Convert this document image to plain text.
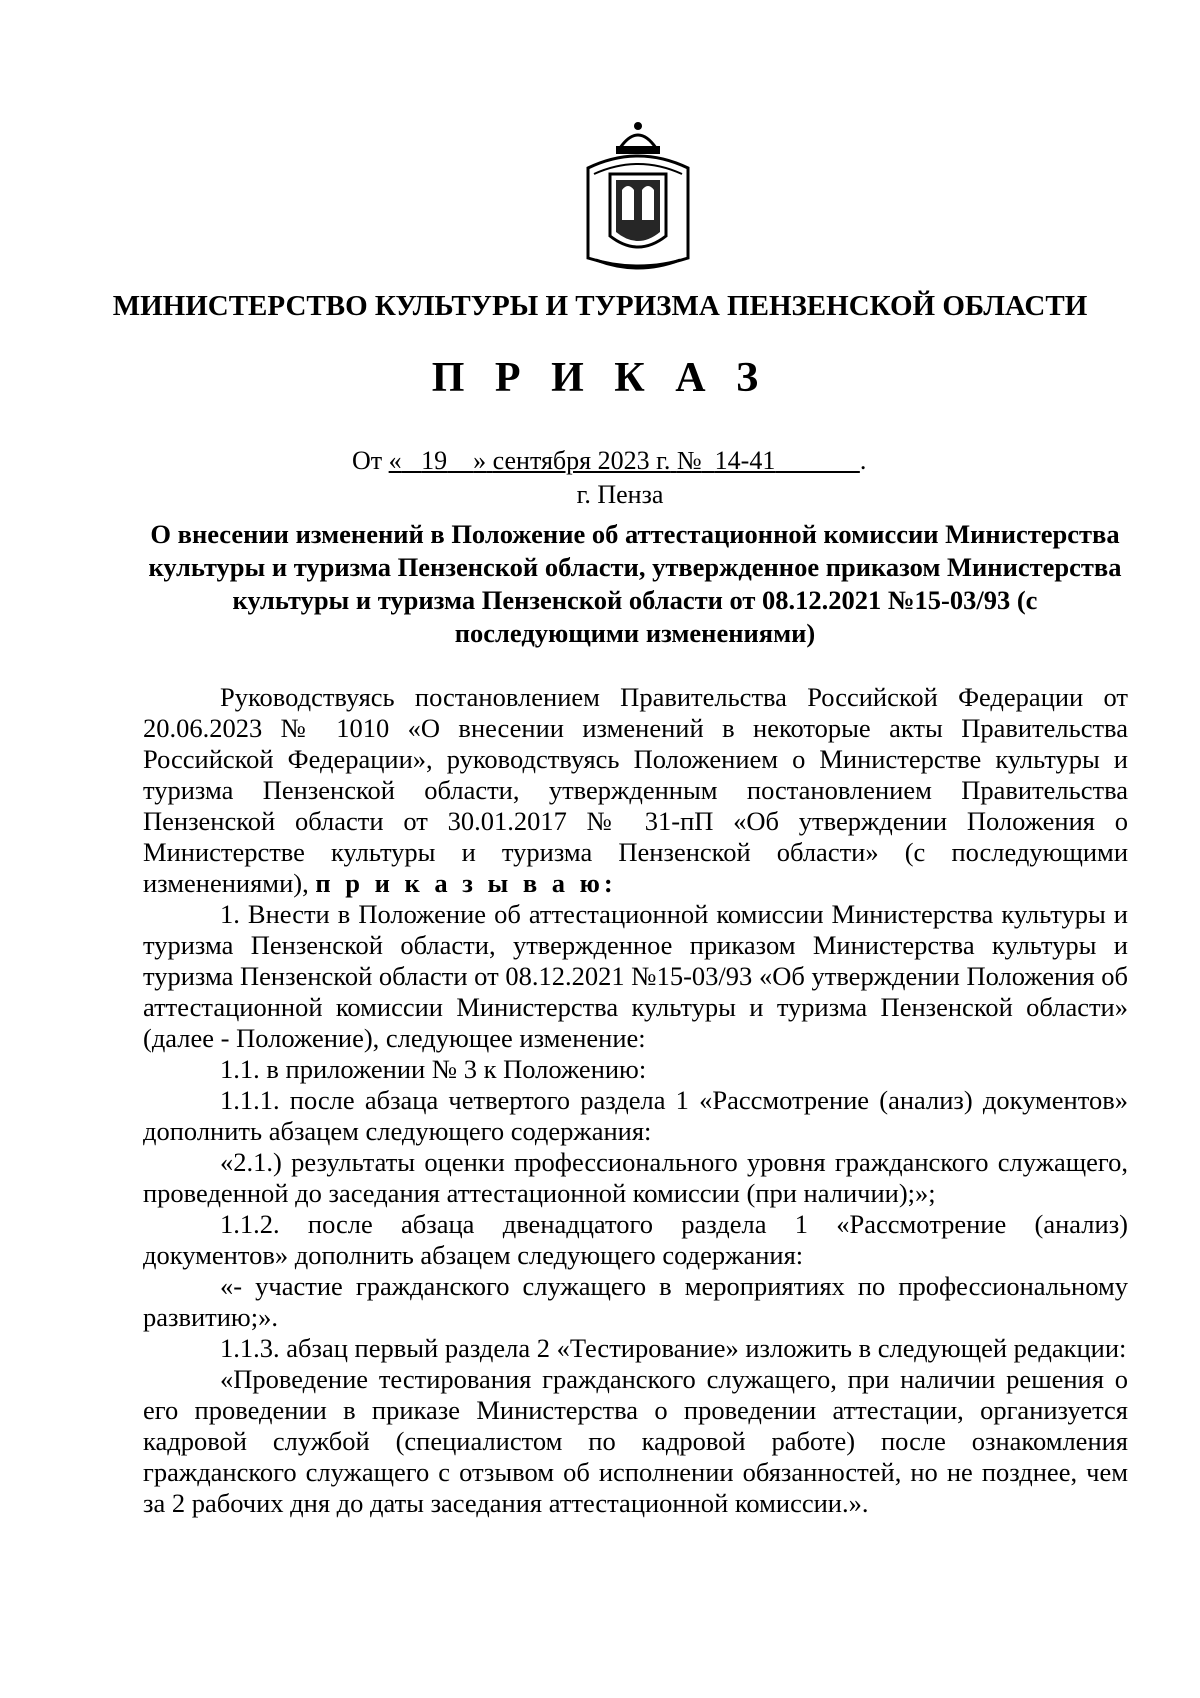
МИНИСТЕРСТВО КУЛЬТУРЫ И ТУРИЗМА ПЕНЗЕНСКОЙ ОБЛАСТИ
П Р И К А З
От « 19 » сентября 2023 г. № 14-41	.
г. Пенза
О внесении изменений в Положение об аттестационной комиссии Министерства культуры и туризма Пензенской области, утвержденное приказом Министерства культуры и туризма Пензенской области от 08.12.2021 №15-03/93 (с последующими изменениями)

Руководствуясь постановлением Правительства Российской Федерации от 20.06.2023 № 1010 «О внесении изменений в некоторые акты Правительства Российской Федерации», руководствуясь Положением о Министерстве культуры и туризма Пензенской области, утвержденным постановлением Правительства Пензенской области от 30.01.2017 № 31-пП «Об утверждении Положения о Министерстве культуры и туризма Пензенской области» (с последующими изменениями), п р и к а з ы в а ю:

1. Внести в Положение об аттестационной комиссии Министерства культуры и туризма Пензенской области, утвержденное приказом Министерства культуры и туризма Пензенской области от 08.12.2021 №15-03/93 «Об утверждении Положения об аттестационной комиссии Министерства культуры и туризма Пензенской области» (далее - Положение), следующее изменение:

1.1. в приложении № 3 к Положению:

1.1.1. после абзаца четвертого раздела 1 «Рассмотрение (анализ) документов» дополнить абзацем следующего содержания:

«2.1.) результаты оценки профессионального уровня гражданского служащего, проведенной до заседания аттестационной комиссии (при наличии);»;

1.1.2. после абзаца двенадцатого раздела 1 «Рассмотрение (анализ) документов» дополнить абзацем следующего содержания:

«- участие гражданского служащего в мероприятиях по профессиональному развитию;».

1.1.3. абзац первый раздела 2 «Тестирование» изложить в следующей редакции:

«Проведение тестирования гражданского служащего, при наличии решения о его проведении в приказе Министерства о проведении аттестации, организуется кадровой службой (специалистом по кадровой работе) после ознакомления гражданского служащего с отзывом об исполнении обязанностей, но не позднее, чем за 2 рабочих дня до даты заседания аттестационной комиссии.».
